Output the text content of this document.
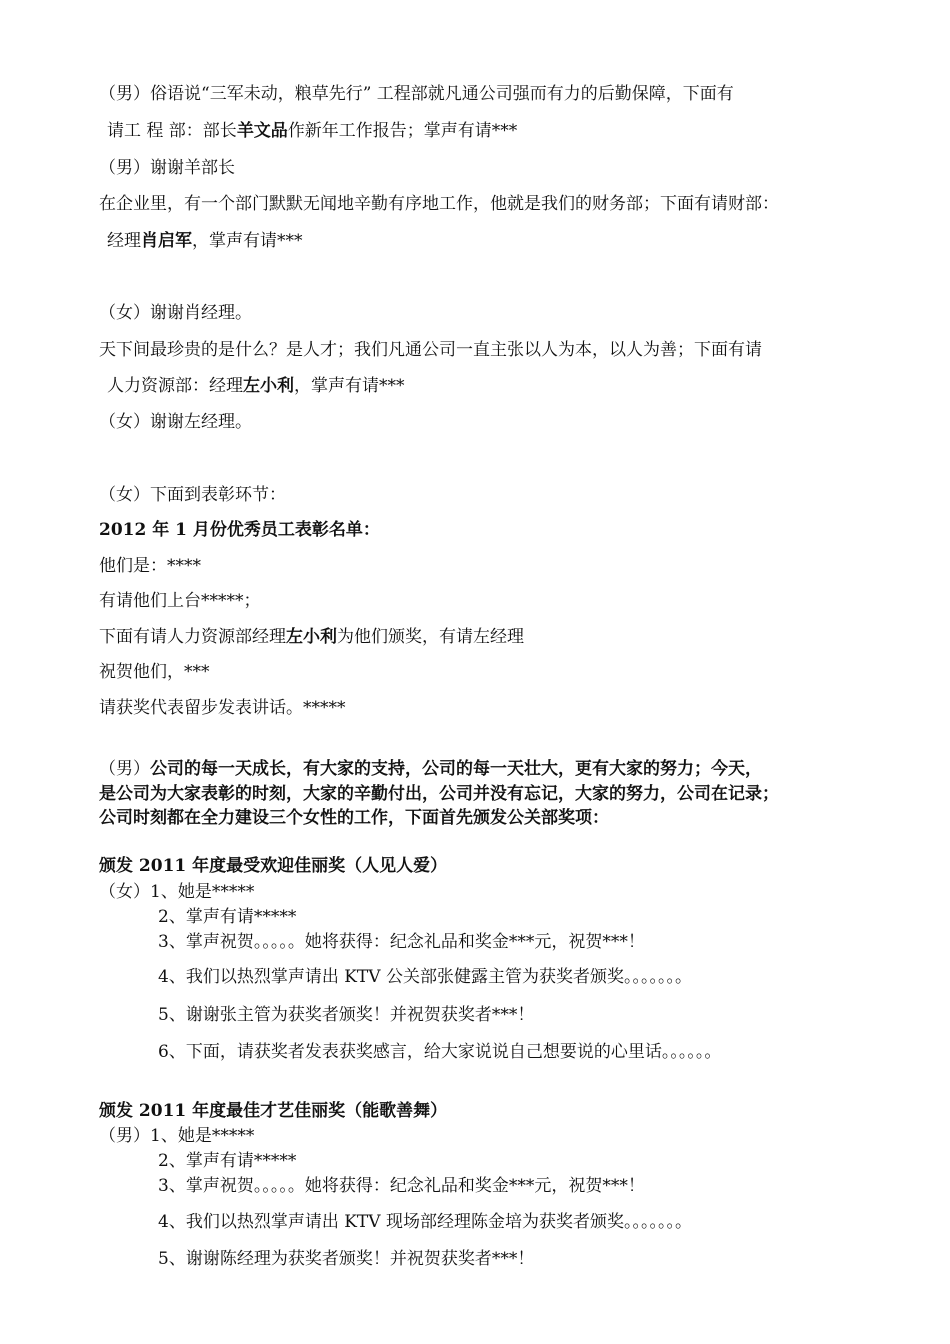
（男）俗语说“三军未动，粮草先行” 工程部就凡通公司强而有力的后勤保障，下面有
请工 程 部：部长羊文品作新年工作报告；掌声有请***
（男）谢谢羊部长
在企业里，有一个部门默默无闻地辛勤有序地工作，他就是我们的财务部；下面有请财部：
经理肖启军，掌声有请***
（女）谢谢肖经理。
天下间最珍贵的是什么？是人才；我们凡通公司一直主张以人为本，以人为善；下面有请
人力资源部：经理左小利，掌声有请***
（女）谢谢左经理。
（女）下面到表彰环节：
2012 年 1 月份优秀员工表彰名单：
他们是：****
有请他们上台*****；
下面有请人力资源部经理左小利为他们颁奖，有请左经理
祝贺他们，***
请获奖代表留步发表讲话。*****
（男）公司的每一天成长，有大家的支持，公司的每一天壮大，更有大家的努力；今天，
是公司为大家表彰的时刻，大家的辛勤付出，公司并没有忘记，大家的努力，公司在记录；
公司时刻都在全力建设三个女性的工作，下面首先颁发公关部奖项：
颁发 2011 年度最受欢迎佳丽奖（人见人爱）
（女）1、她是*****
2、掌声有请*****
3、掌声祝贺。。。。。她将获得：纪念礼品和奖金***元，祝贺***！
4、我们以热烈掌声请出 KTV 公关部张健露主管为获奖者颁奖。。。。。。。
5、谢谢张主管为获奖者颁奖！并祝贺获奖者***！
6、下面，请获奖者发表获奖感言，给大家说说自己想要说的心里话。。。。。。
颁发 2011 年度最佳才艺佳丽奖（能歌善舞）
（男）1、她是*****
2、掌声有请*****
3、掌声祝贺。。。。。她将获得：纪念礼品和奖金***元，祝贺***！
4、我们以热烈掌声请出 KTV 现场部经理陈金培为获奖者颁奖。。。。。。。
5、谢谢陈经理为获奖者颁奖！并祝贺获奖者***！
